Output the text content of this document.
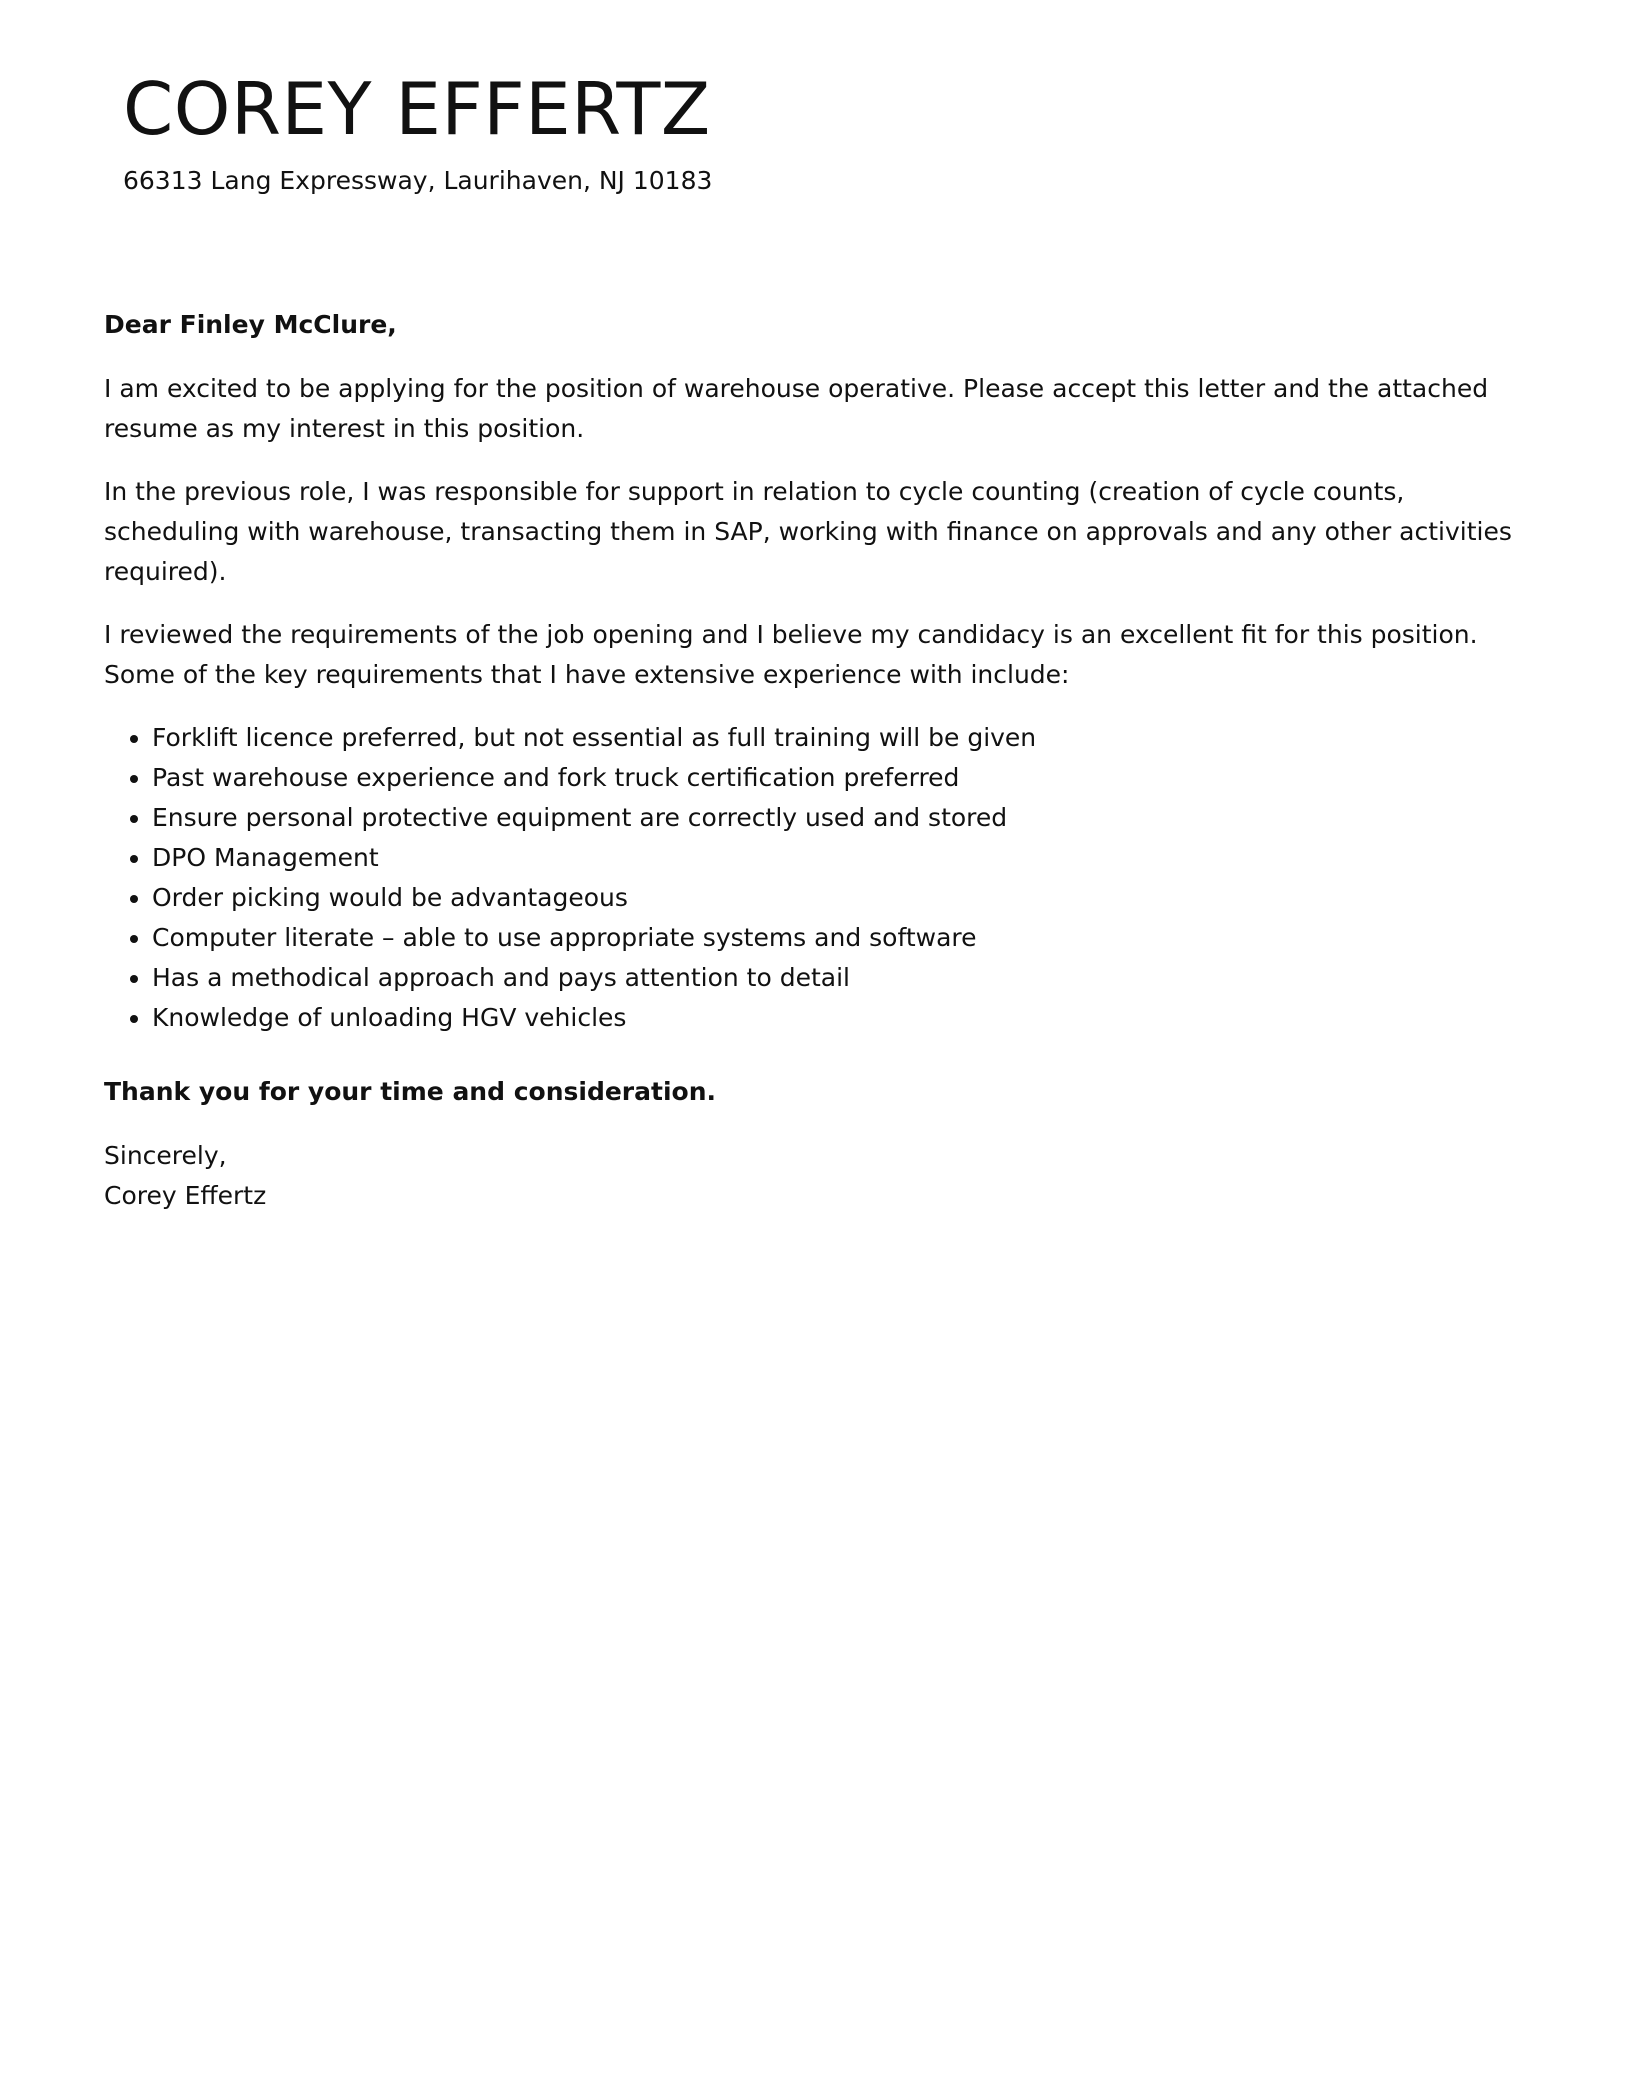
COREY EFFERTZ
66313 Lang Expressway, Laurihaven, NJ 10183

Dear Finley McClure,

I am excited to be applying for the position of warehouse operative. Please accept this letter and the attached resume as my interest in this position.

In the previous role, I was responsible for support in relation to cycle counting (creation of cycle counts, scheduling with warehouse, transacting them in SAP, working with finance on approvals and any other activities required).

I reviewed the requirements of the job opening and I believe my candidacy is an excellent fit for this position. Some of the key requirements that I have extensive experience with include:

• Forklift licence preferred, but not essential as full training will be given
• Past warehouse experience and fork truck certification preferred
• Ensure personal protective equipment are correctly used and stored
• DPO Management
• Order picking would be advantageous
• Computer literate – able to use appropriate systems and software
• Has a methodical approach and pays attention to detail
• Knowledge of unloading HGV vehicles

Thank you for your time and consideration.

Sincerely,
Corey Effertz
